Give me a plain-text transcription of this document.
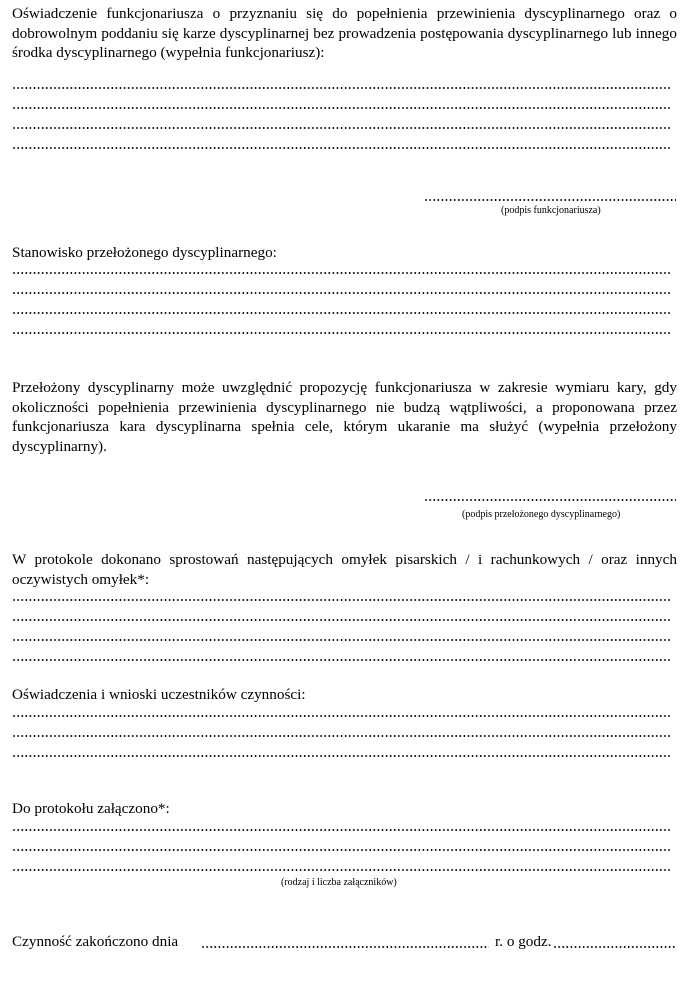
Oświadczenie funkcjonariusza o przyznaniu się do popełnienia przewinienia dyscyplinarnego oraz o dobrowolnym poddaniu się karze dyscyplinarnej bez prowadzenia postępowania dyscyplinarnego lub innego środka dyscyplinarnego (wypełnia funkcjonariusz):

(podpis funkcjonariusza)

Stanowisko przełożonego dyscyplinarnego:

Przełożony dyscyplinarny może uwzględnić propozycję funkcjonariusza w zakresie wymiaru kary, gdy okoliczności popełnienia przewinienia dyscyplinarnego nie budzą wątpliwości, a proponowana przez funkcjonariusza kara dyscyplinarna spełnia cele, którym ukaranie ma służyć (wypełnia przełożony dyscyplinarny).

(podpis przełożonego dyscyplinarnego)

W protokole dokonano sprostowań następujących omyłek pisarskich / i rachunkowych / oraz innych oczywistych omyłek*:

Oświadczenia i wnioski uczestników czynności:

Do protokołu załączono*:

(rodzaj i liczba załączników)

Czynność zakończono dnia	r. o godz.
